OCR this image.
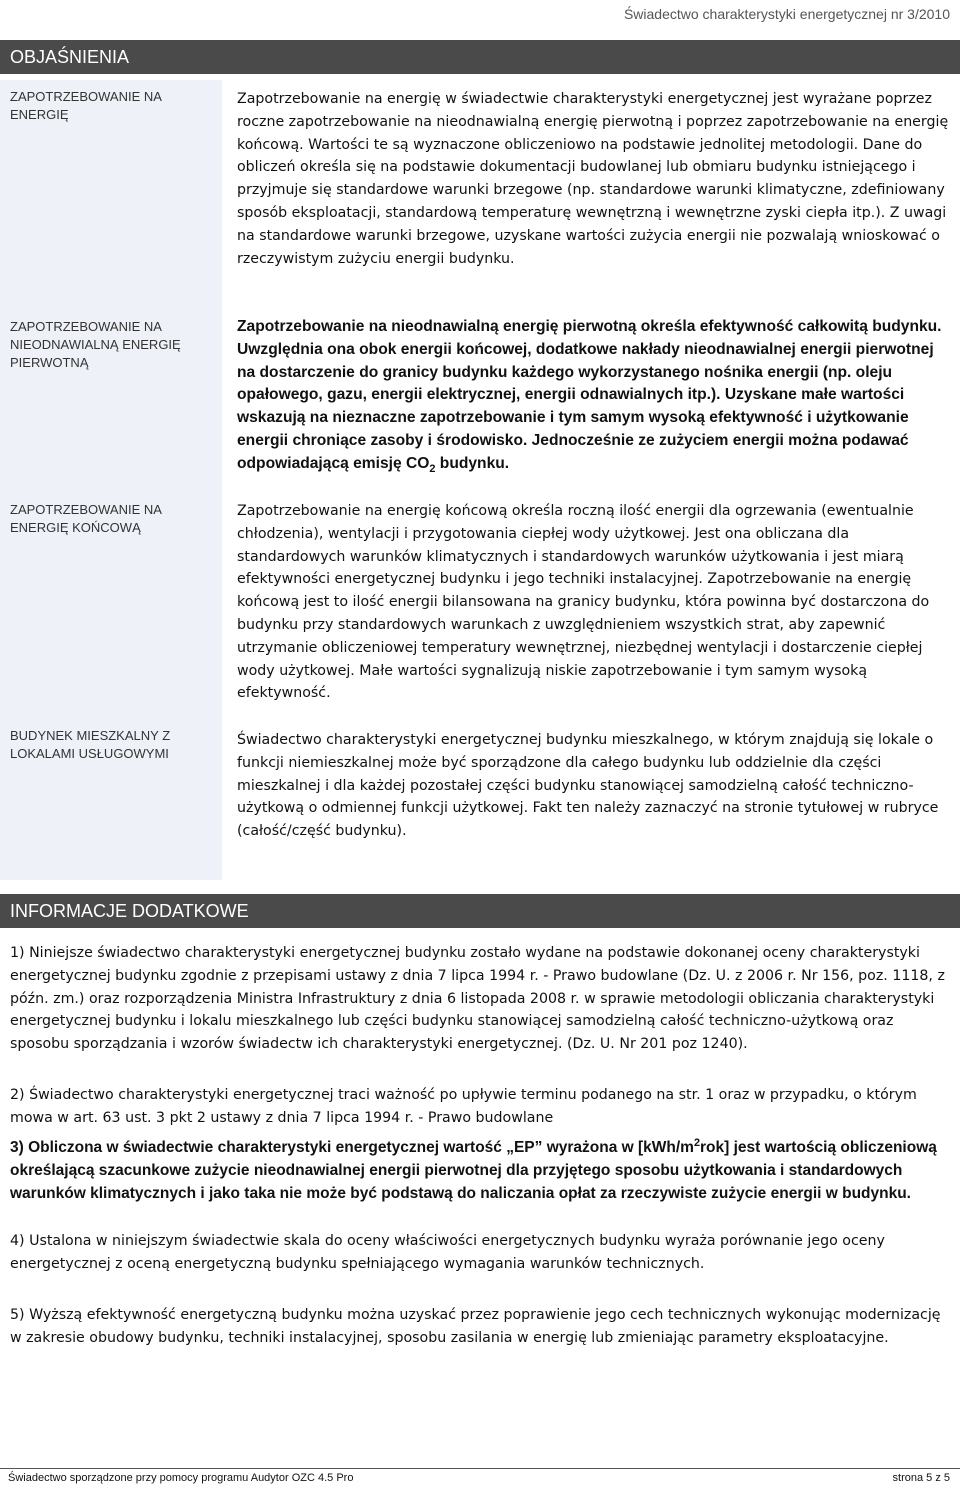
Świadectwo charakterystyki energetycznej nr 3/2010
OBJAŚNIENIA
ZAPOTRZEBOWANIE NA ENERGIĘ
Zapotrzebowanie na energię w świadectwie charakterystyki energetycznej jest wyrażane poprzez roczne zapotrzebowanie na nieodnawialną energię pierwotną i poprzez zapotrzebowanie na energię końcową. Wartości te są wyznaczone obliczeniowo na podstawie jednolitej metodologii. Dane do obliczeń określa się na podstawie dokumentacji budowlanej lub obmiaru budynku istniejącego i przyjmuje się standardowe warunki brzegowe (np. standardowe warunki klimatyczne, zdefiniowany sposób eksploatacji, standardową temperaturę wewnętrzną i wewnętrzne zyski ciepła itp.). Z uwagi na standardowe warunki brzegowe, uzyskane wartości zużycia energii nie pozwalają wnioskować o rzeczywistym zużyciu energii budynku.
ZAPOTRZEBOWANIE NA NIEODNAWIALNĄ ENERGIĘ PIERWOTNĄ
Zapotrzebowanie na nieodnawialną energię pierwotną określa efektywność całkowitą budynku. Uwzględnia ona obok energii końcowej, dodatkowe nakłady nieodnawialnej energii pierwotnej na dostarczenie do granicy budynku każdego wykorzystanego nośnika energii (np. oleju opałowego, gazu, energii elektrycznej, energii odnawialnych itp.). Uzyskane małe wartości wskazują na nieznaczne zapotrzebowanie i tym samym wysoką efektywność i użytkowanie energii chroniące zasoby i środowisko. Jednocześnie ze zużyciem energii można podawać odpowiadającą emisję $CO_2$ budynku.
ZAPOTRZEBOWANIE NA ENERGIĘ KOŃCOWĄ
Zapotrzebowanie na energię końcową określa roczną ilość energii dla ogrzewania (ewentualnie chłodzenia), wentylacji i przygotowania ciepłej wody użytkowej. Jest ona obliczana dla standardowych warunków klimatycznych i standardowych warunków użytkowania i jest miarą efektywności energetycznej budynku i jego techniki instalacyjnej. Zapotrzebowanie na energię końcową jest to ilość energii bilansowana na granicy budynku, która powinna być dostarczona do budynku przy standardowych warunkach z uwzględnieniem wszystkich strat, aby zapewnić utrzymanie obliczeniowej temperatury wewnętrznej, niezbędnej wentylacji i dostarczenie ciepłej wody użytkowej. Małe wartości sygnalizują niskie zapotrzebowanie i tym samym wysoką efektywność.
BUDYNEK MIESZKALNY Z LOKALAMI USŁUGOWYMI
Świadectwo charakterystyki energetycznej budynku mieszkalnego, w którym znajdują się lokale o funkcji niemieszkalnej może być sporządzone dla całego budynku lub oddzielnie dla części mieszkalnej i dla każdej pozostałej części budynku stanowiącej samodzielną całość techniczno-użytkową o odmiennej funkcji użytkowej. Fakt ten należy zaznaczyć na stronie tytułowej w rubryce (całość/część budynku).
INFORMACJE DODATKOWE
1) Niniejsze świadectwo charakterystyki energetycznej budynku zostało wydane na podstawie dokonanej oceny charakterystyki energetycznej budynku zgodnie z przepisami ustawy z dnia 7 lipca 1994 r. - Prawo budowlane (Dz. U. z 2006 r. Nr 156, poz. 1118, z późn. zm.) oraz rozporządzenia Ministra Infrastruktury z dnia 6 listopada 2008 r. w sprawie metodologii obliczania charakterystyki energetycznej budynku i lokalu mieszkalnego lub części budynku stanowiącej samodzielną całość techniczno-użytkową oraz sposobu sporządzania i wzorów świadectw ich charakterystyki energetycznej. (Dz. U. Nr 201 poz 1240).
2) Świadectwo charakterystyki energetycznej traci ważność po upływie terminu podanego na str. 1 oraz w przypadku, o którym mowa w art. 63 ust. 3 pkt 2 ustawy z dnia 7 lipca 1994 r. - Prawo budowlane
3) Obliczona w świadectwie charakterystyki energetycznej wartość „EP” wyrażona w $[kWh/m^2rok]$ jest wartością obliczeniową określającą szacunkowe zużycie nieodnawialnej energii pierwotnej dla przyjętego sposobu użytkowania i standardowych warunków klimatycznych i jako taka nie może być podstawą do naliczania opłat za rzeczywiste zużycie energii w budynku.
4) Ustalona w niniejszym świadectwie skala do oceny właściwości energetycznych budynku wyraża porównanie jego oceny energetycznej z oceną energetyczną budynku spełniającego wymagania warunków technicznych.
5) Wyższą efektywność energetyczną budynku można uzyskać przez poprawienie jego cech technicznych wykonując modernizację w zakresie obudowy budynku, techniki instalacyjnej, sposobu zasilania w energię lub zmieniając parametry eksploatacyjne.
Świadectwo sporządzone przy pomocy programu Audytor OZC 4.5 Pro	strona 5 z 5
